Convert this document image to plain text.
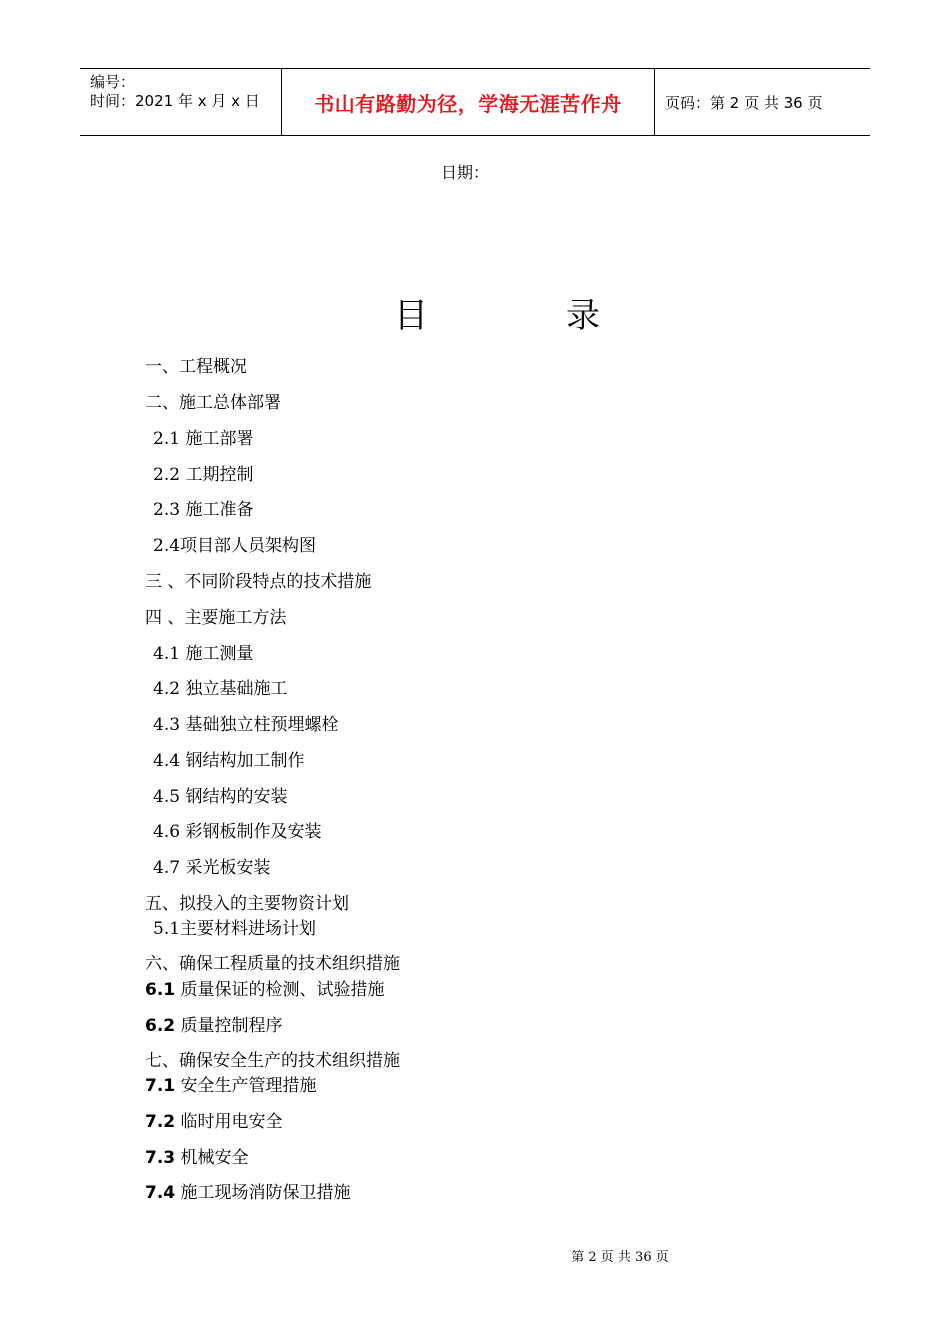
编号：
时间：2021 年 x 月 x 日	书山有路勤为径，学海无涯苦作舟	页码：第 2 页 共 36 页
日期：
目	录
一、工程概况
二、施工总体部署
2.1 施工部署
2.2 工期控制
2.3 施工准备
2.4项目部人员架构图
三 、不同阶段特点的技术措施
四 、主要施工方法
4.1 施工测量
4.2 独立基础施工
4.3 基础独立柱预埋螺栓
4.4 钢结构加工制作
4.5 钢结构的安装
4.6 彩钢板制作及安装
4.7 采光板安装
五、拟投入的主要物资计划
5.1主要材料进场计划
六、确保工程质量的技术组织措施
6.1 质量保证的检测、试验措施
6.2 质量控制程序
七、确保安全生产的技术组织措施
7.1 安全生产管理措施
7.2 临时用电安全
7.3 机械安全
7.4 施工现场消防保卫措施
第 2 页 共 36 页
